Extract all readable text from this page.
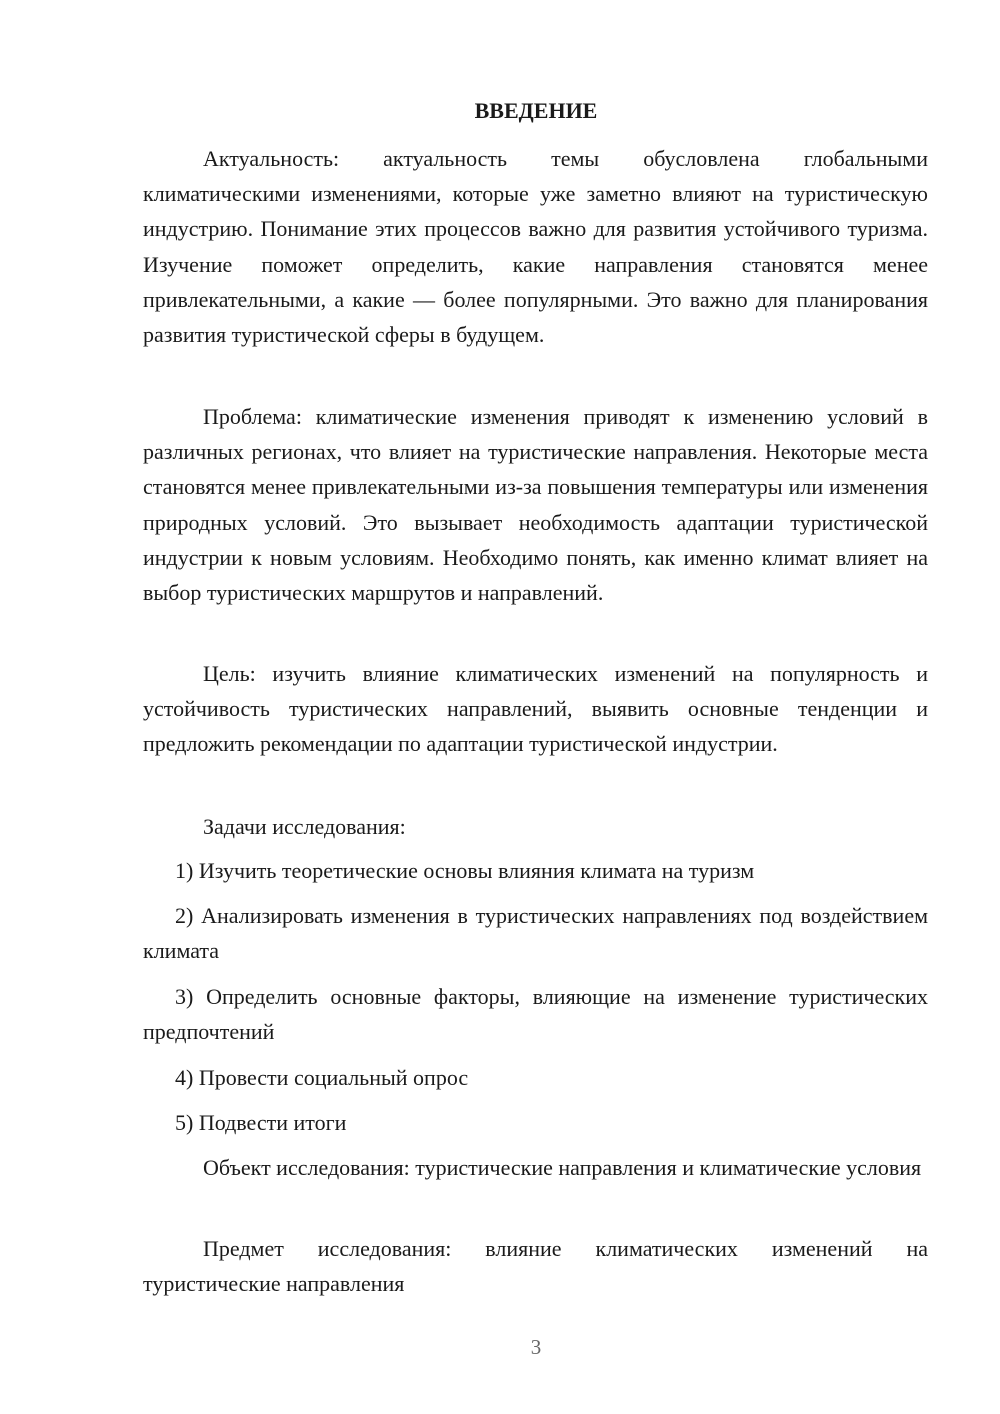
ВВЕДЕНИЕ

Актуальность: актуальность темы обусловлена глобальными климатическими изменениями, которые уже заметно влияют на туристическую индустрию. Понимание этих процессов важно для развития устойчивого туризма. Изучение поможет определить, какие направления становятся менее привлекательными, а какие — более популярными. Это важно для планирования развития туристической сферы в будущем.

Проблема: климатические изменения приводят к изменению условий в различных регионах, что влияет на туристические направления. Некоторые места становятся менее привлекательными из-за повышения температуры или изменения природных условий. Это вызывает необходимость адаптации туристической индустрии к новым условиям. Необходимо понять, как именно климат влияет на выбор туристических маршрутов и направлений.

Цель: изучить влияние климатических изменений на популярность и устойчивость туристических направлений, выявить основные тенденции и предложить рекомендации по адаптации туристической индустрии.

Задачи исследования:

1) Изучить теоретические основы влияния климата на туризм

2) Анализировать изменения в туристических направлениях под воздействием климата

3) Определить основные факторы, влияющие на изменение туристических предпочтений

4) Провести социальный опрос

5) Подвести итоги

Объект исследования: туристические направления и климатические условия

Предмет исследования: влияние климатических изменений на туристические направления

3
